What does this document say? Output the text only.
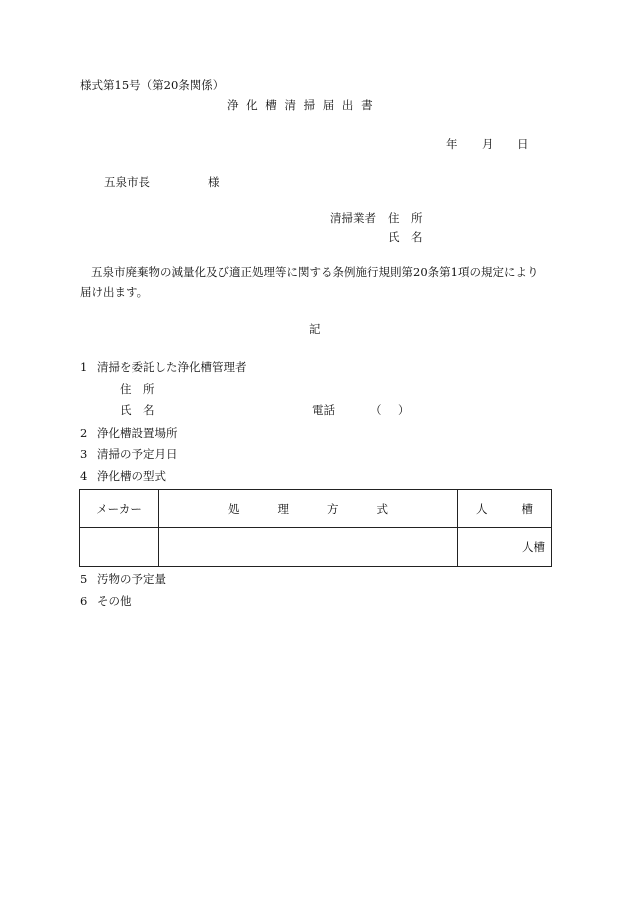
様式第15号（第20条関係）
浄 化 槽 清 掃 届 出 書
年 月 日
五泉市長	様
清掃業者 住　所
氏　名
五泉市廃棄物の減量化及び適正処理等に関する条例施行規則第20条第1項の規定により
届け出ます。
記
1 清掃を委託した浄化槽管理者
住　所
氏　名	電話	（ ）
2 浄化槽設置場所
3 清掃の予定月日
4 浄化槽の型式
メーカー	処 理 方 式	人 槽

		人槽
5 汚物の予定量
6 その他
